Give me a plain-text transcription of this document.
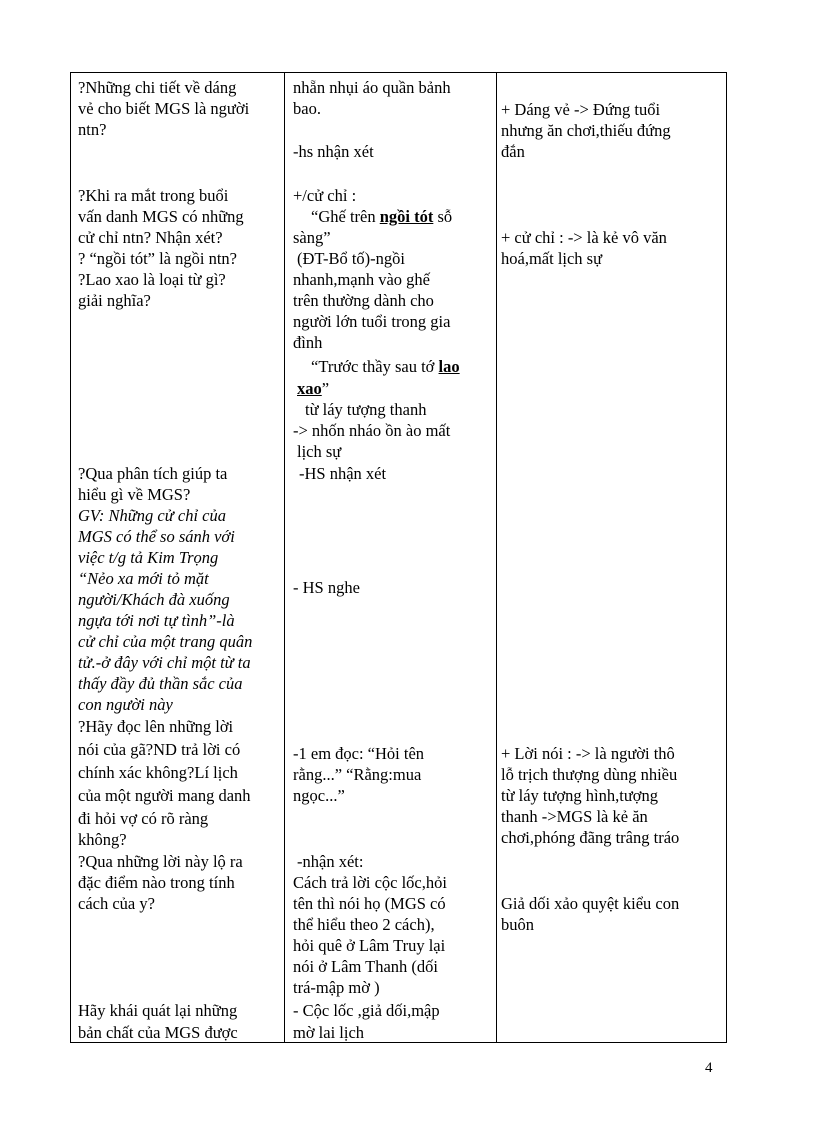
?Những chi tiết về dáng
vẻ cho biết MGS là người
ntn?
?Khi ra mắt trong buổi
vấn danh MGS có những
cử chỉ ntn? Nhận xét?
? “ngồi tót” là ngồi ntn?
?Lao xao là loại từ gì?
giải nghĩa?
?Qua phân tích giúp ta
hiểu gì về MGS?
GV: Những cử chỉ của
MGS có thể so sánh với
việc t/g tả Kim Trọng
“Nẻo xa mới tỏ mặt
người/Khách đà xuống
ngựa tới nơi tự tình”-là
cử chỉ của một trang quân
tử.-ở đây với chỉ một từ ta
thấy đầy đủ thần sắc của
con người này
?Hãy đọc lên những lời
nói của gã?ND trả lời có
chính xác không?Lí lịch
của một người mang danh
đi hỏi vợ có rõ ràng
không?
?Qua những lời này lộ ra
đặc điểm nào trong tính
cách của y?
Hãy khái quát lại những
bản chất của MGS được
nhẵn nhụi áo quần bảnh
bao.
-hs nhận xét
+/cử chỉ :
“Ghế trên ngồi tót sỗ
sàng”
(ĐT-Bổ tố)-ngồi
nhanh,mạnh vào ghế
trên thường dành cho
người lớn tuổi trong gia
đình
“Trước thầy sau tớ lao
xao”
từ láy tượng thanh
-> nhốn nháo ồn ào mất
lịch sự
-HS nhận xét
- HS nghe
-1 em đọc: “Hỏi tên
rằng...” “Rằng:mua
ngọc...”
-nhận xét:
Cách trả lời cộc lốc,hỏi
tên thì nói họ (MGS có
thể hiểu theo 2 cách),
hỏi quê ở Lâm Truy lại
nói ở Lâm Thanh (dối
trá-mập mờ )
- Cộc lốc ,giả dối,mập
mờ lai lịch
+ Dáng vẻ -> Đứng tuổi
nhưng ăn chơi,thiếu đứng
đắn
+ cử chỉ : -> là kẻ vô văn
hoá,mất lịch sự
+ Lời nói : -> là người thô
lỗ trịch thượng dùng nhiều
từ láy tượng hình,tượng
thanh ->MGS là kẻ ăn
chơi,phóng đãng trâng tráo
Giả dối xảo quyệt kiểu con
buôn
4
